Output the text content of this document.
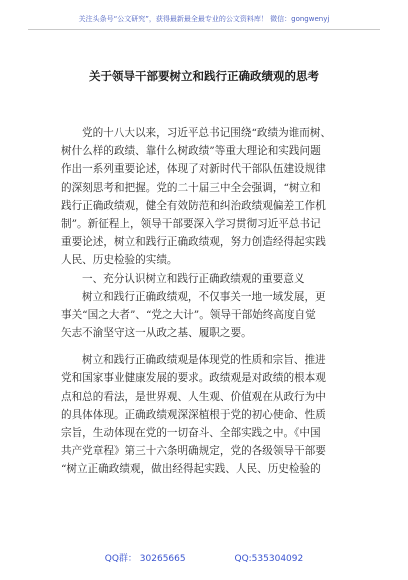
关注头条号“公文研究”，获得最新最全最专业的公文资料库！ 微信：gongwenyj
关于领导干部要树立和践行正确政绩观的思考
党的十八大以来，习近平总书记围绕“政绩为谁而树、
树什么样的政绩、靠什么树政绩”等重大理论和实践问题
作出一系列重要论述，体现了对新时代干部队伍建设规律
的深刻思考和把握。党的二十届三中全会强调，“树立和
践行正确政绩观，健全有效防范和纠治政绩观偏差工作机
制”。新征程上，领导干部要深入学习贯彻习近平总书记
重要论述，树立和践行正确政绩观，努力创造经得起实践
人民、历史检验的实绩。
一、充分认识树立和践行正确政绩观的重要意义
树立和践行正确政绩观，不仅事关一地一域发展，更
事关“国之大者”、“党之大计”。领导干部始终高度自觉
矢志不渝坚守这一从政之基、履职之要。
树立和践行正确政绩观是体现党的性质和宗旨、推进
党和国家事业健康发展的要求。政绩观是对政绩的根本观
点和总的看法，是世界观、人生观、价值观在从政行为中
的具体体现。正确政绩观深深植根于党的初心使命、性质
宗旨，生动体现在党的一切奋斗、全部实践之中。《中国
共产党章程》第三十六条明确规定，党的各级领导干部要
“树立正确政绩观，做出经得起实践、人民、历史检验的
QQ群： 30265665	QQ:535304092
